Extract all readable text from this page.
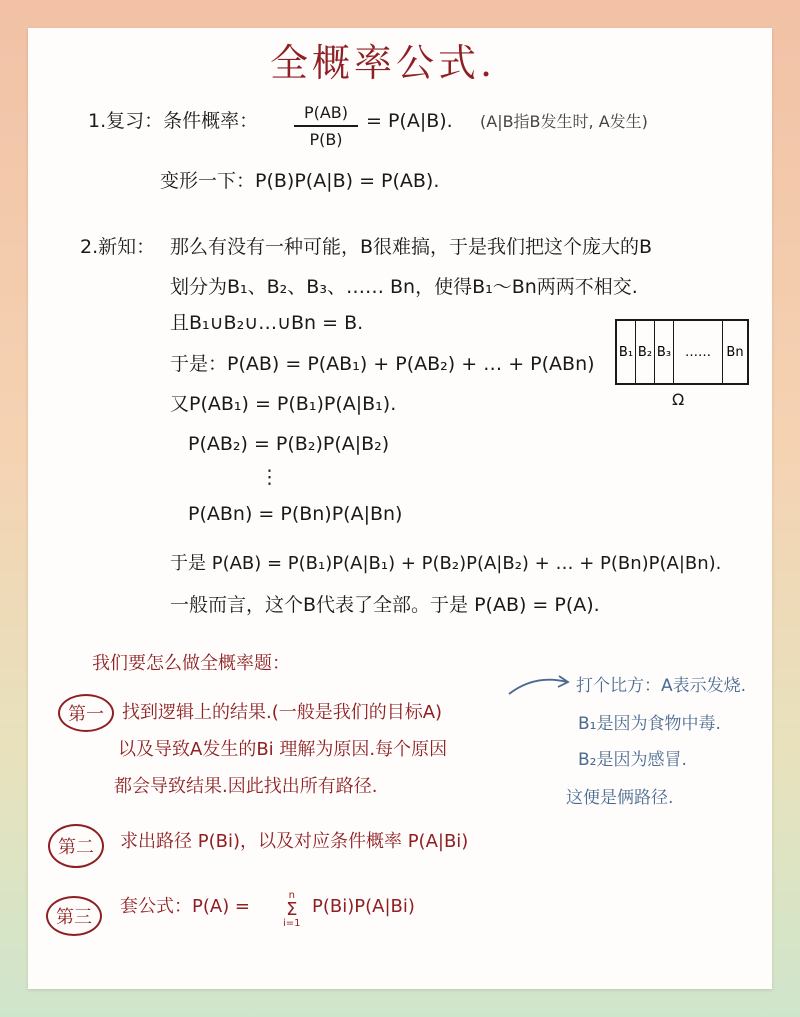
全概率公式.
1.复习：条件概率：	P(AB)
P(B)
= P(A|B). (A|B指B发生时, A发生)
变形一下：P(B)P(A|B) = P(AB).
2.新知： 那么有没有一种可能，B很难搞，于是我们把这个庞大的B
划分为B₁、B₂、B₃、…… Bn，使得B₁～Bn两两不相交.
且B₁∪B₂∪…∪Bn = B.
于是：P(AB) = P(AB₁) + P(AB₂) + … + P(ABn)
又P(AB₁) = P(B₁)P(A|B₁).
P(AB₂) = P(B₂)P(A|B₂)
⋮
P(ABn) = P(Bn)P(A|Bn)
于是 P(AB) = P(B₁)P(A|B₁) + P(B₂)P(A|B₂) + … + P(Bn)P(A|Bn).
一般而言，这个B代表了全部。于是 P(AB) = P(A).
B₁ B₂ B₃	……	Bn
Ω
我们要怎么做全概率题：
第一	找到逻辑上的结果.(一般是我们的目标A)
以及导致A发生的Bi 理解为原因.每个原因
都会导致结果.因此找出所有路径.
第二	求出路径 P(Bi)，以及对应条件概率 P(A|Bi)
第三
套公式：P(A) =
n
Σ
i=1
P(Bi)P(A|Bi)
打个比方：A表示发烧.
B₁是因为食物中毒.
B₂是因为感冒.
这便是俩路径.
